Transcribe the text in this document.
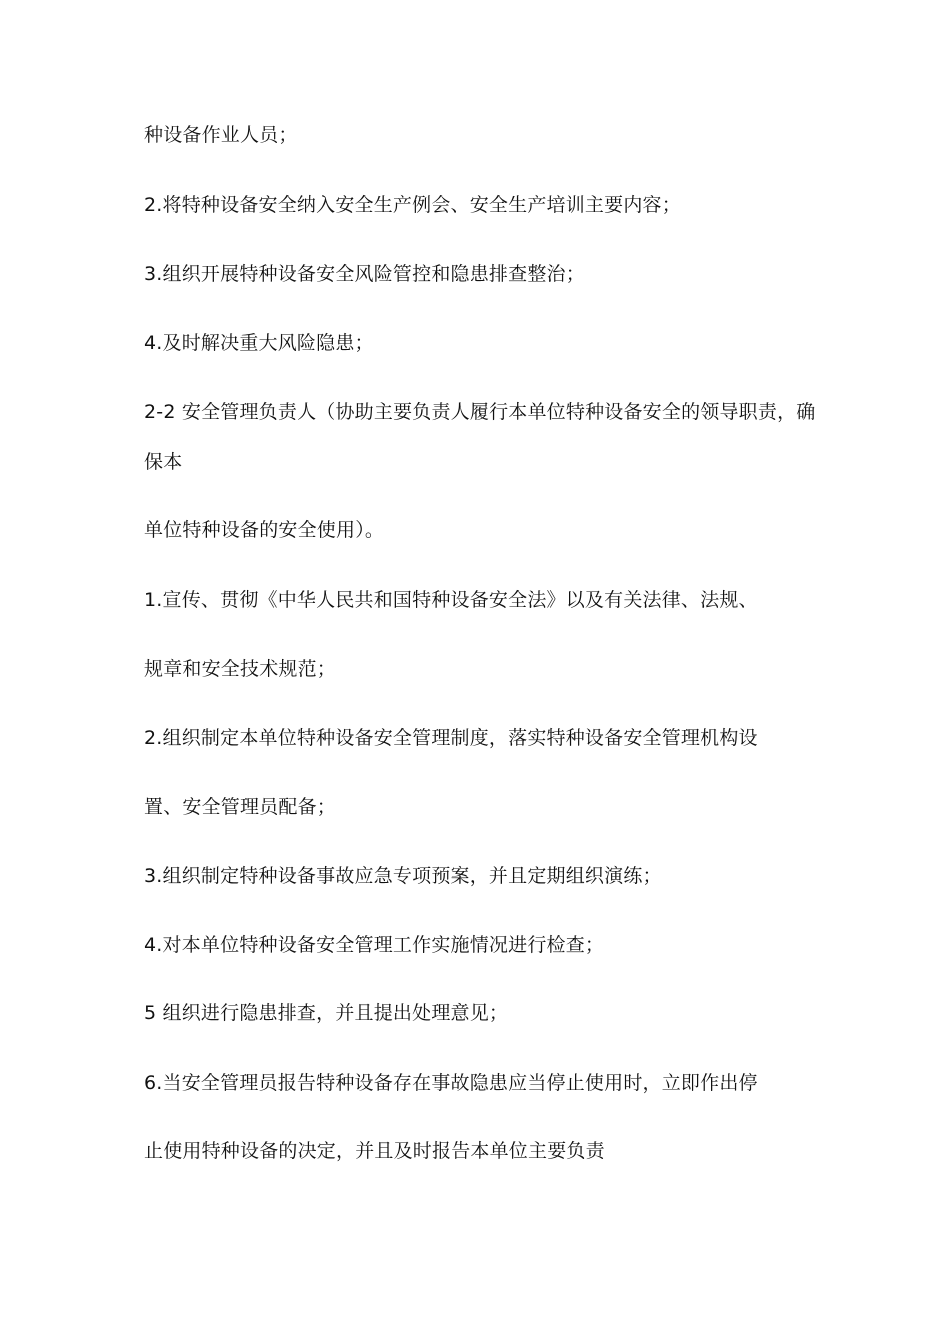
种设备作业人员；
2.将特种设备安全纳入安全生产例会、安全生产培训主要内容；
3.组织开展特种设备安全风险管控和隐患排查整治；
4.及时解决重大风险隐患；
2-2 安全管理负责人（协助主要负责人履行本单位特种设备安全的领导职责，确
保本
单位特种设备的安全使用）。
1.宣传、贯彻《中华人民共和国特种设备安全法》以及有关法律、法规、
规章和安全技术规范；
2.组织制定本单位特种设备安全管理制度，落实特种设备安全管理机构设
置、安全管理员配备；
3.组织制定特种设备事故应急专项预案，并且定期组织演练；
4.对本单位特种设备安全管理工作实施情况进行检查；
5 组织进行隐患排查，并且提出处理意见；
6.当安全管理员报告特种设备存在事故隐患应当停止使用时，立即作出停
止使用特种设备的决定，并且及时报告本单位主要负责
